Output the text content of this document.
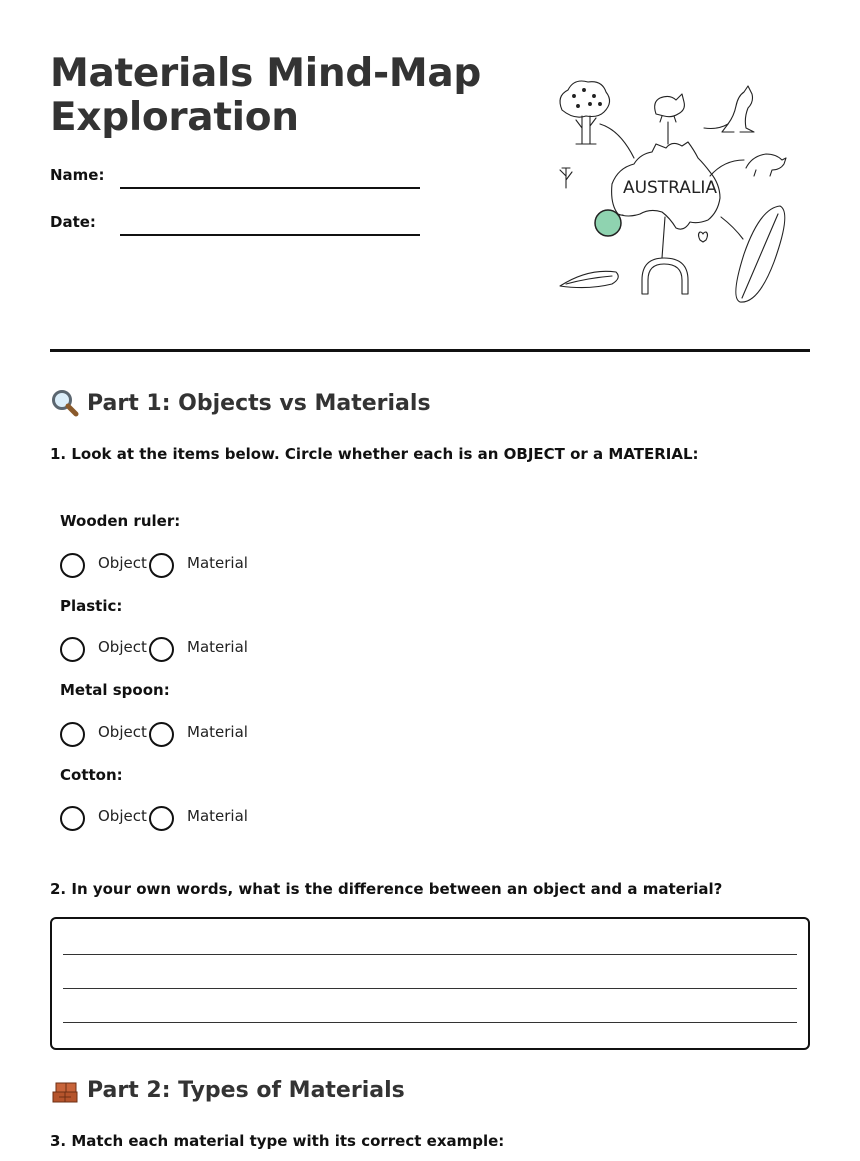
Materials Mind-Map
Exploration
Name:
Date:
AUSTRALIA
Part 1: Objects vs Materials

1. Look at the items below. Circle whether each is an OBJECT or a MATERIAL:

Wooden ruler:
Object	Material
Plastic:
Object	Material
Metal spoon:
Object	Material
Cotton:
Object	Material

2. In your own words, what is the difference between an object and a material?

Part 2: Types of Materials

3. Match each material type with its correct example:
